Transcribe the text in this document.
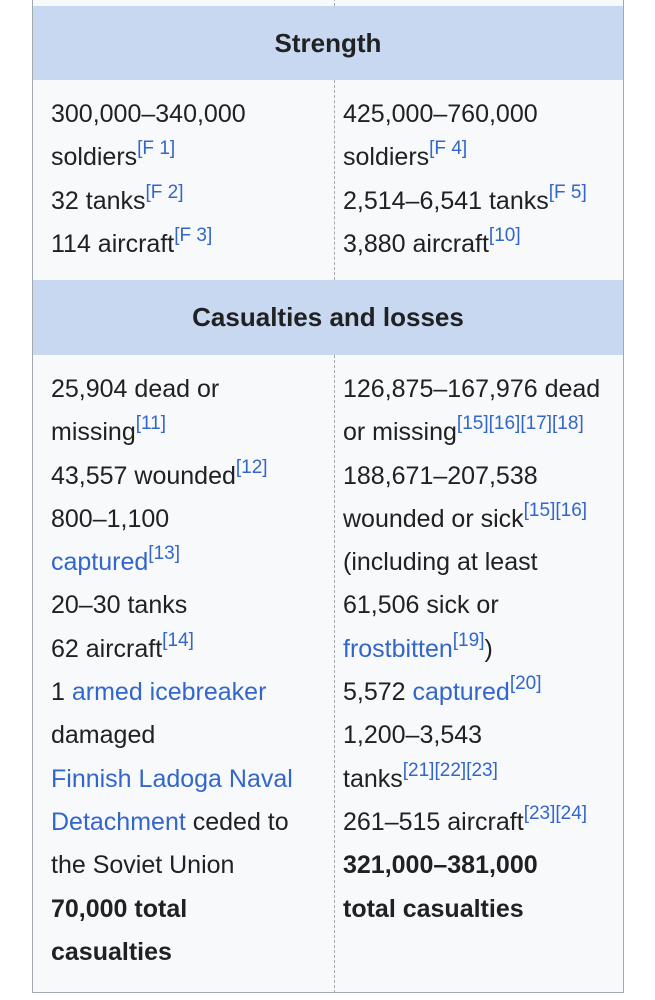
Strength
300,000–340,000
soldiers[F 1]
32 tanks[F 2]
114 aircraft[F 3]
425,000–760,000
soldiers[F 4]
2,514–6,541 tanks[F 5]
3,880 aircraft[10]
Casualties and losses
25,904 dead or
missing[11]
43,557 wounded[12]
800–1,100
captured[13]
20–30 tanks
62 aircraft[14]
1 armed icebreaker
damaged
Finnish Ladoga Naval
Detachment ceded to
the Soviet Union
70,000 total
casualties
126,875–167,976 dead
or missing[15][16][17][18]
188,671–207,538
wounded or sick[15][16]
(including at least
61,506 sick or
frostbitten[19])
5,572 captured[20]
1,200–3,543
tanks[21][22][23]
261–515 aircraft[23][24]
321,000–381,000
total casualties
